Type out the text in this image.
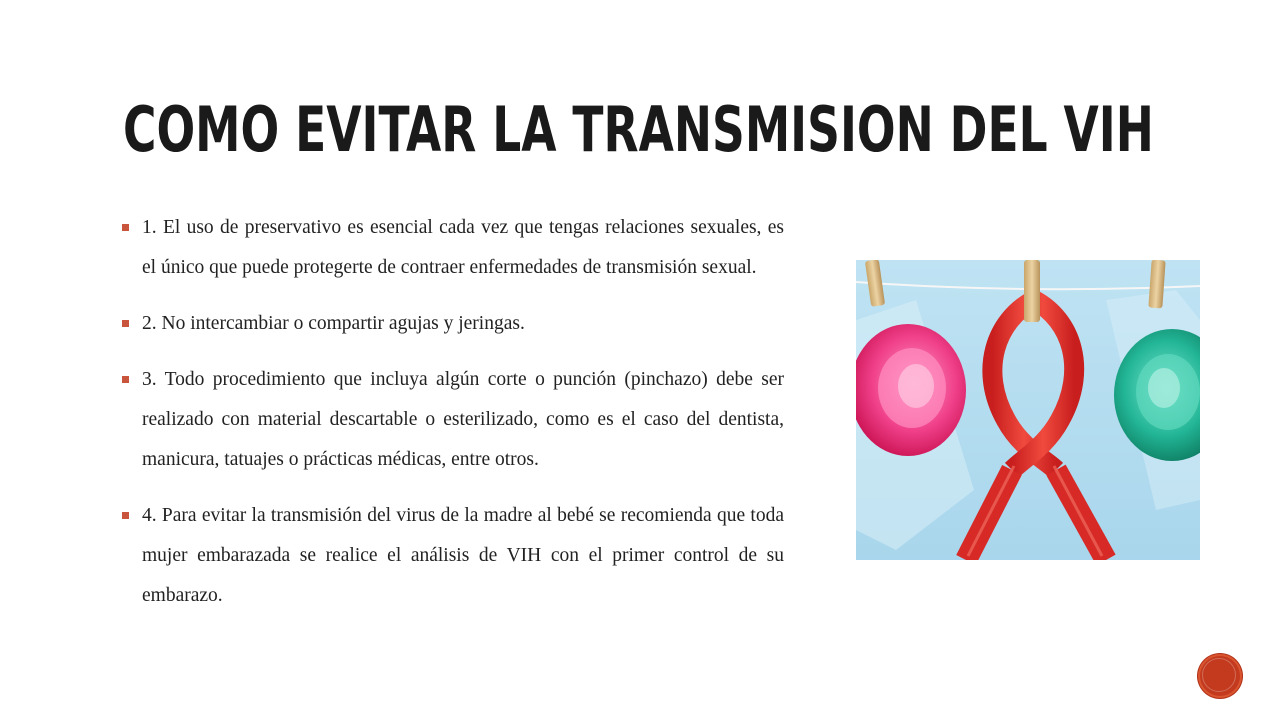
COMO EVITAR LA TRANSMISION DEL VIH
1. El uso de preservativo es esencial cada vez que tengas relaciones sexuales, es el único que puede protegerte de contraer enfermedades de transmisión sexual.
2. No intercambiar o compartir agujas y jeringas.
3. Todo procedimiento que incluya algún corte o punción (pinchazo) debe ser realizado con material descartable o esterilizado, como es el caso del dentista, manicura, tatuajes o prácticas médicas, entre otros.
4. Para evitar la transmisión del virus de la madre al bebé se recomienda que toda mujer embarazada se realice el análisis de VIH con el primer control de su embarazo.
